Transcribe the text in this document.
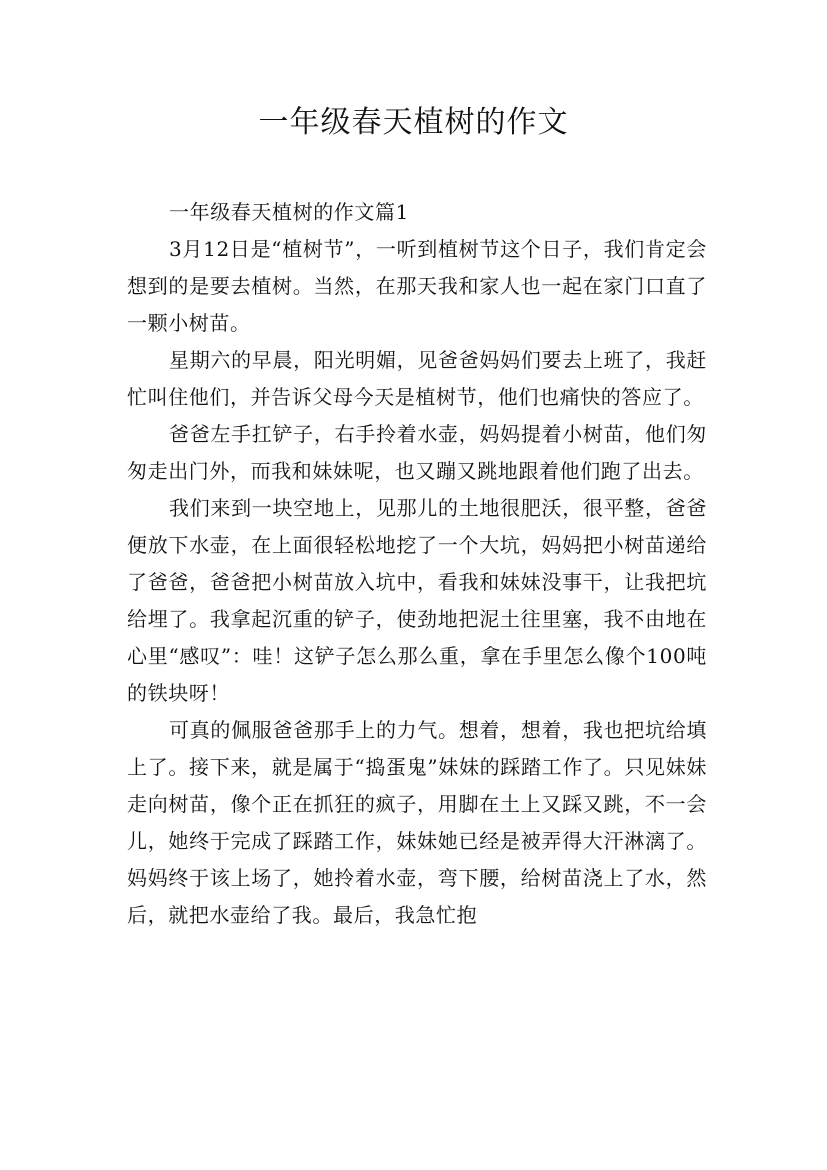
一年级春天植树的作文

一年级春天植树的作文篇1

3月12日是“植树节”，一听到植树节这个日子，我们肯定会想到的是要去植树。当然，在那天我和家人也一起在家门口直了一颗小树苗。

星期六的早晨，阳光明媚，见爸爸妈妈们要去上班了，我赶忙叫住他们，并告诉父母今天是植树节，他们也痛快的答应了。

爸爸左手扛铲子，右手拎着水壶，妈妈提着小树苗，他们匆匆走出门外，而我和妹妹呢，也又蹦又跳地跟着他们跑了出去。

我们来到一块空地上，见那儿的土地很肥沃，很平整，爸爸便放下水壶，在上面很轻松地挖了一个大坑，妈妈把小树苗递给了爸爸，爸爸把小树苗放入坑中，看我和妹妹没事干，让我把坑给埋了。我拿起沉重的铲子，使劲地把泥土往里塞，我不由地在心里“感叹”：哇！这铲子怎么那么重，拿在手里怎么像个100吨的铁块呀！

可真的佩服爸爸那手上的力气。想着，想着，我也把坑给填上了。接下来，就是属于“捣蛋鬼”妹妹的踩踏工作了。只见妹妹走向树苗，像个正在抓狂的疯子，用脚在土上又踩又跳，不一会儿，她终于完成了踩踏工作，妹妹她已经是被弄得大汗淋漓了。妈妈终于该上场了，她拎着水壶，弯下腰，给树苗浇上了水，然后，就把水壶给了我。最后，我急忙抱
